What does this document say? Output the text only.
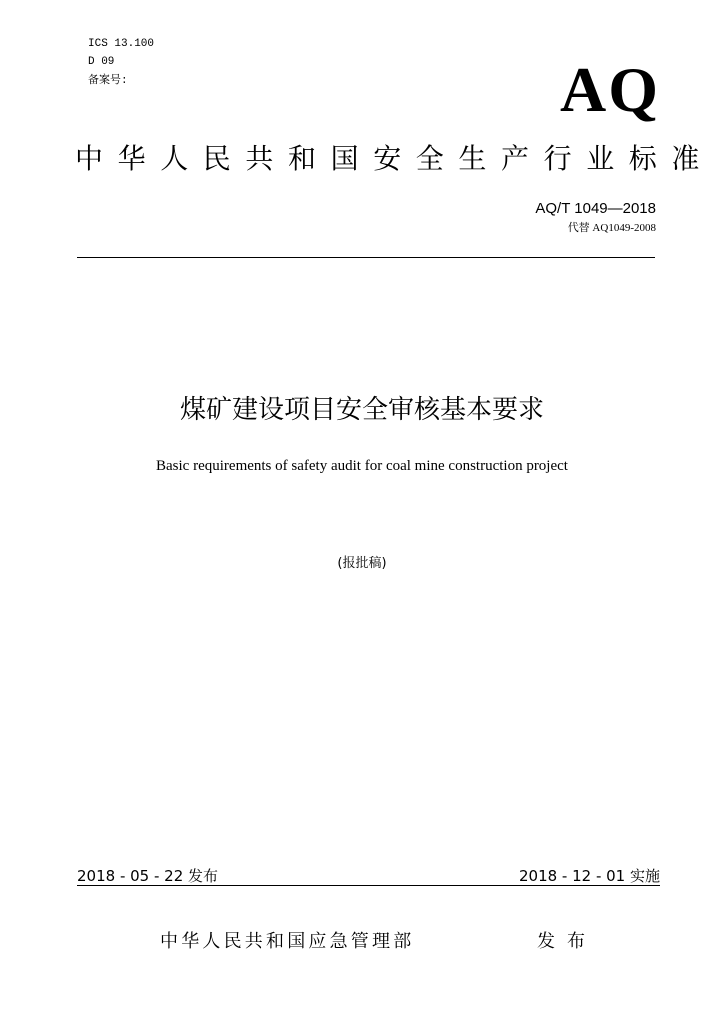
ICS 13.100
D 09
备案号:	AQ
中华人民共和国安全生产行业标准
AQ/T 1049—2018
代替 AQ1049-2008
煤矿建设项目安全审核基本要求
Basic requirements of safety audit for coal mine construction project
(报批稿)
2018 - 05 - 22 发布	2018 - 12 - 01 实施
中华人民共和国应急管理部	发布
